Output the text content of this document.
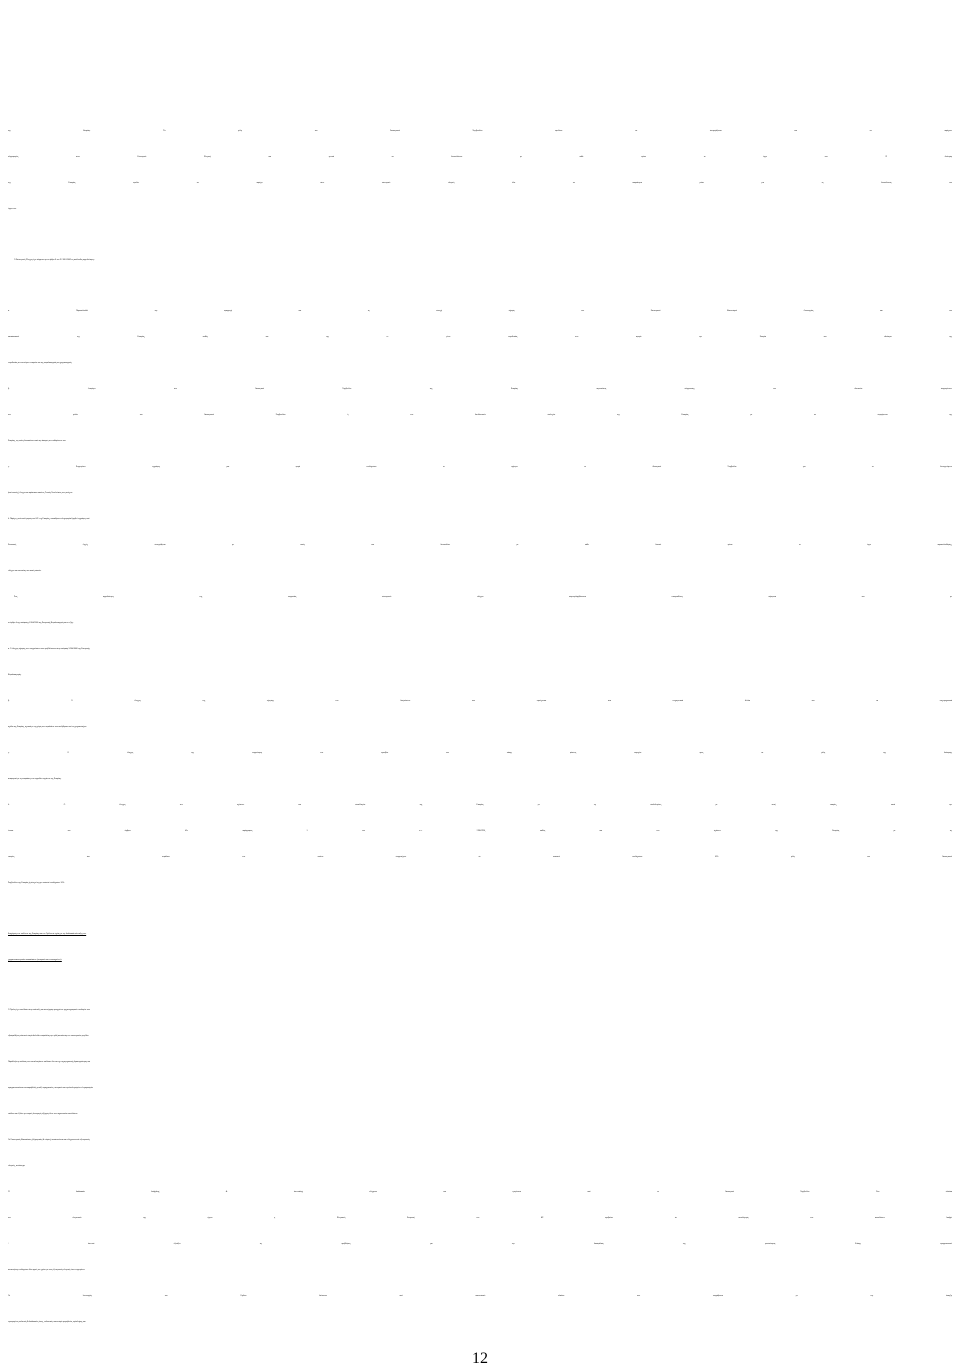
της Εταιρίας.	Τα μέλη του Διοικητικού Συμβουλίου οφείλουν να συνεργάζονται και να παρέχουν
πληροφορίες στον Εσωτερικό Ελεγκτή και γενικά να διευκολύνουν με κάθε τρόπο το έργο του. Η διοίκηση
της Εταιρίας οφείλει να παρέχει στον εσωτερικό ελεγκτή όλα τα απαραίτητα μέσα για τη διευκόλυνση του
έργου του.
Ο Εσωτερικός Έλεγχος έχει σύμφωνα με το άρθρο 8 του Ν. 3016/2002 τις ακόλουθες αρμοδιότητες:
α. Παρακολουθεί την εφαρμογή και τη συνεχή τήρηση του Εσωτερικού Κανονισμού Λειτουργίας και του
καταστατικού της Εταιρίας, καθώς και της εν γένει νομοθεσίας που αφορά την Εταιρία και ιδιαίτερα της
νομοθεσίας των ανωνύμων εταιριών και της κεφαλαιαγοράς και χρηματαγοράς.
β. Αναφέρει στο Διοικητικό Συμβούλιο της Εταιρίας περιπτώσεις σύγκρουσης των ιδιωτικών συμφερόντων
των μελών του Διοικητικού Συμβουλίου ή των διευθυντικών στελεχών της Εταιρίας με τα συμφέροντα της
Εταιρίας, τις οποίες διαπιστώνει κατά την άσκηση των καθηκόντων του.
γ. Ενημερώνει εγγράφως μια φορά τουλάχιστον το τρίμηνο το Διοικητικό Συμβούλιο για το διενεργούμενο
(από αυτούς), έλεγχο και παρίσταται κατά τις Γενικές Συνελεύσεις των μετόχων.
δ. Παρέχει, μετά από έγκριση του Δ.Σ. της Εταιρίας, οποιαδήποτε πληροφορία ζητηθεί εγγράφως από
Εποπτικές Αρχές, συνεργάζεται με αυτές και διευκολύνει με κάθε δυνατό τρόπο το έργο παρακολούθησης,
ελέγχου και εποπτείας που αυτές ασκούν.
Στις αρμοδιότητες της υπηρεσίας εσωτερικού ελέγχου συμπεριλαμβάνονται επιπροσθέτως σύμφωνα και με
το άρθρο 4 της απόφασης 5/204/2000 της Επιτροπής Κεφαλαιαγοράς και οι εξής:
α. Ο έλεγχος τήρησης των υποχρεώσεων που προβλέπονται στην απόφαση 5/204/2000 της Επιτροπής
Κεφαλαιαγοράς.
β. Ο έλεγχος της τήρησης των δεσμεύσεων που περιέχονται στα ενημερωτικά δελτία και τα επιχειρηματικά
σχέδια της Εταιρίας, σχετικά με τη χρήση των κεφαλαίων που αντλήθηκαν από το χρηματιστήριο.
γ. Ο έλεγχος της νομιμότητας των αμοιβών και πάσης φύσεως παροχών προς τα μέλη της διοίκησης
αναφορικά με τις αποφάσεις των αρμοδίων οργάνων της Εταιρίας.
δ. Ο έλεγχος των σχέσεων και συναλλαγών της Εταιρίας με τις συνδεδεμένες με αυτή εταιρίες, κατά την
έννοια του άρθρου 42ε παράγραφος 5 του κ.ν. 2190/1920, καθώς και των σχέσεων της Εταιρίας με τις
εταιρίες στο κεφάλαιο των οποίων συμμετέχουν σε ποσοστό τουλάχιστον 10% μέλη του Διοικητικού
Συμβουλίου της Εταιρίας ή μέτοχοί της με ποσοστό τουλάχιστον 10%.
Διαχείριση των κινδύνων της Εταιρίας και του Ομίλου σε σχέση με την διαδικασία σύνταξης των
χρηματοοικονομικών καταστάσεων (εταιρικών και ενοποιημένων).
Ο Όμιλος έχει επενδύσει στην ανάπτυξη και συντήρηση προηγμένων μηχανογραφικών υποδομών που
εξασφαλίζουν μέσα από σειρά δικλείδων ασφαλείας την ορθή απεικόνιση των οικονομικών μεγεθών.
Παράλληλα η ανάλυση των αποτελεσμάτων καλύπτει όλα τα της επιχειρηματικής δραστηριότητας και
πραγματοποιούνται αντιπαραβολές μεταξύ πραγματικών, ιστορικών και προϋπολογισμένων λογαριασμών
εσόδων και εξόδων με επαρκή λεπτομερή εξήγηση όλων των σημαντικών αποκλίσεων.
Οι Οικονομικές Καταστάσεις (εξαμηνιαίες & ετήσιες) επισκοπούνται και ελέγχονται από εξωτερικούς
ελεγκτές, αντίστοιχα.
Η διαδικασία budgeting & forecasting ελέγχεται και εγκρίνεται από το Διοικητικό Συμβούλιο. Στα πλαίσια
του ελεγκτικού της έργου η Ελεγκτική Επιτροπή του ΔΣ προβαίνει σε αιτιολόγηση των αποκλίσεων budget
/ forecast εξετάζει τις προβλέψεις για την διασφάλιση της ρευστότητας. Επίσης πραγματοποιεί
συναντήσεις τουλάχιστον δύο φορές τον χρόνο με τους εξωτερικούς ελεγκτές όπου ενημερώνει.
Οι λειτουργίες του Ομίλου διέπονται από κανονιστικό πλαίσιο που εκφράζονται με την ύπαρξη
εγκεκριμένες πολιτικές & διαδικασίες όπως, ενδεικτικά, κανονισμό προμηθειών, πρόσληψης και
12
